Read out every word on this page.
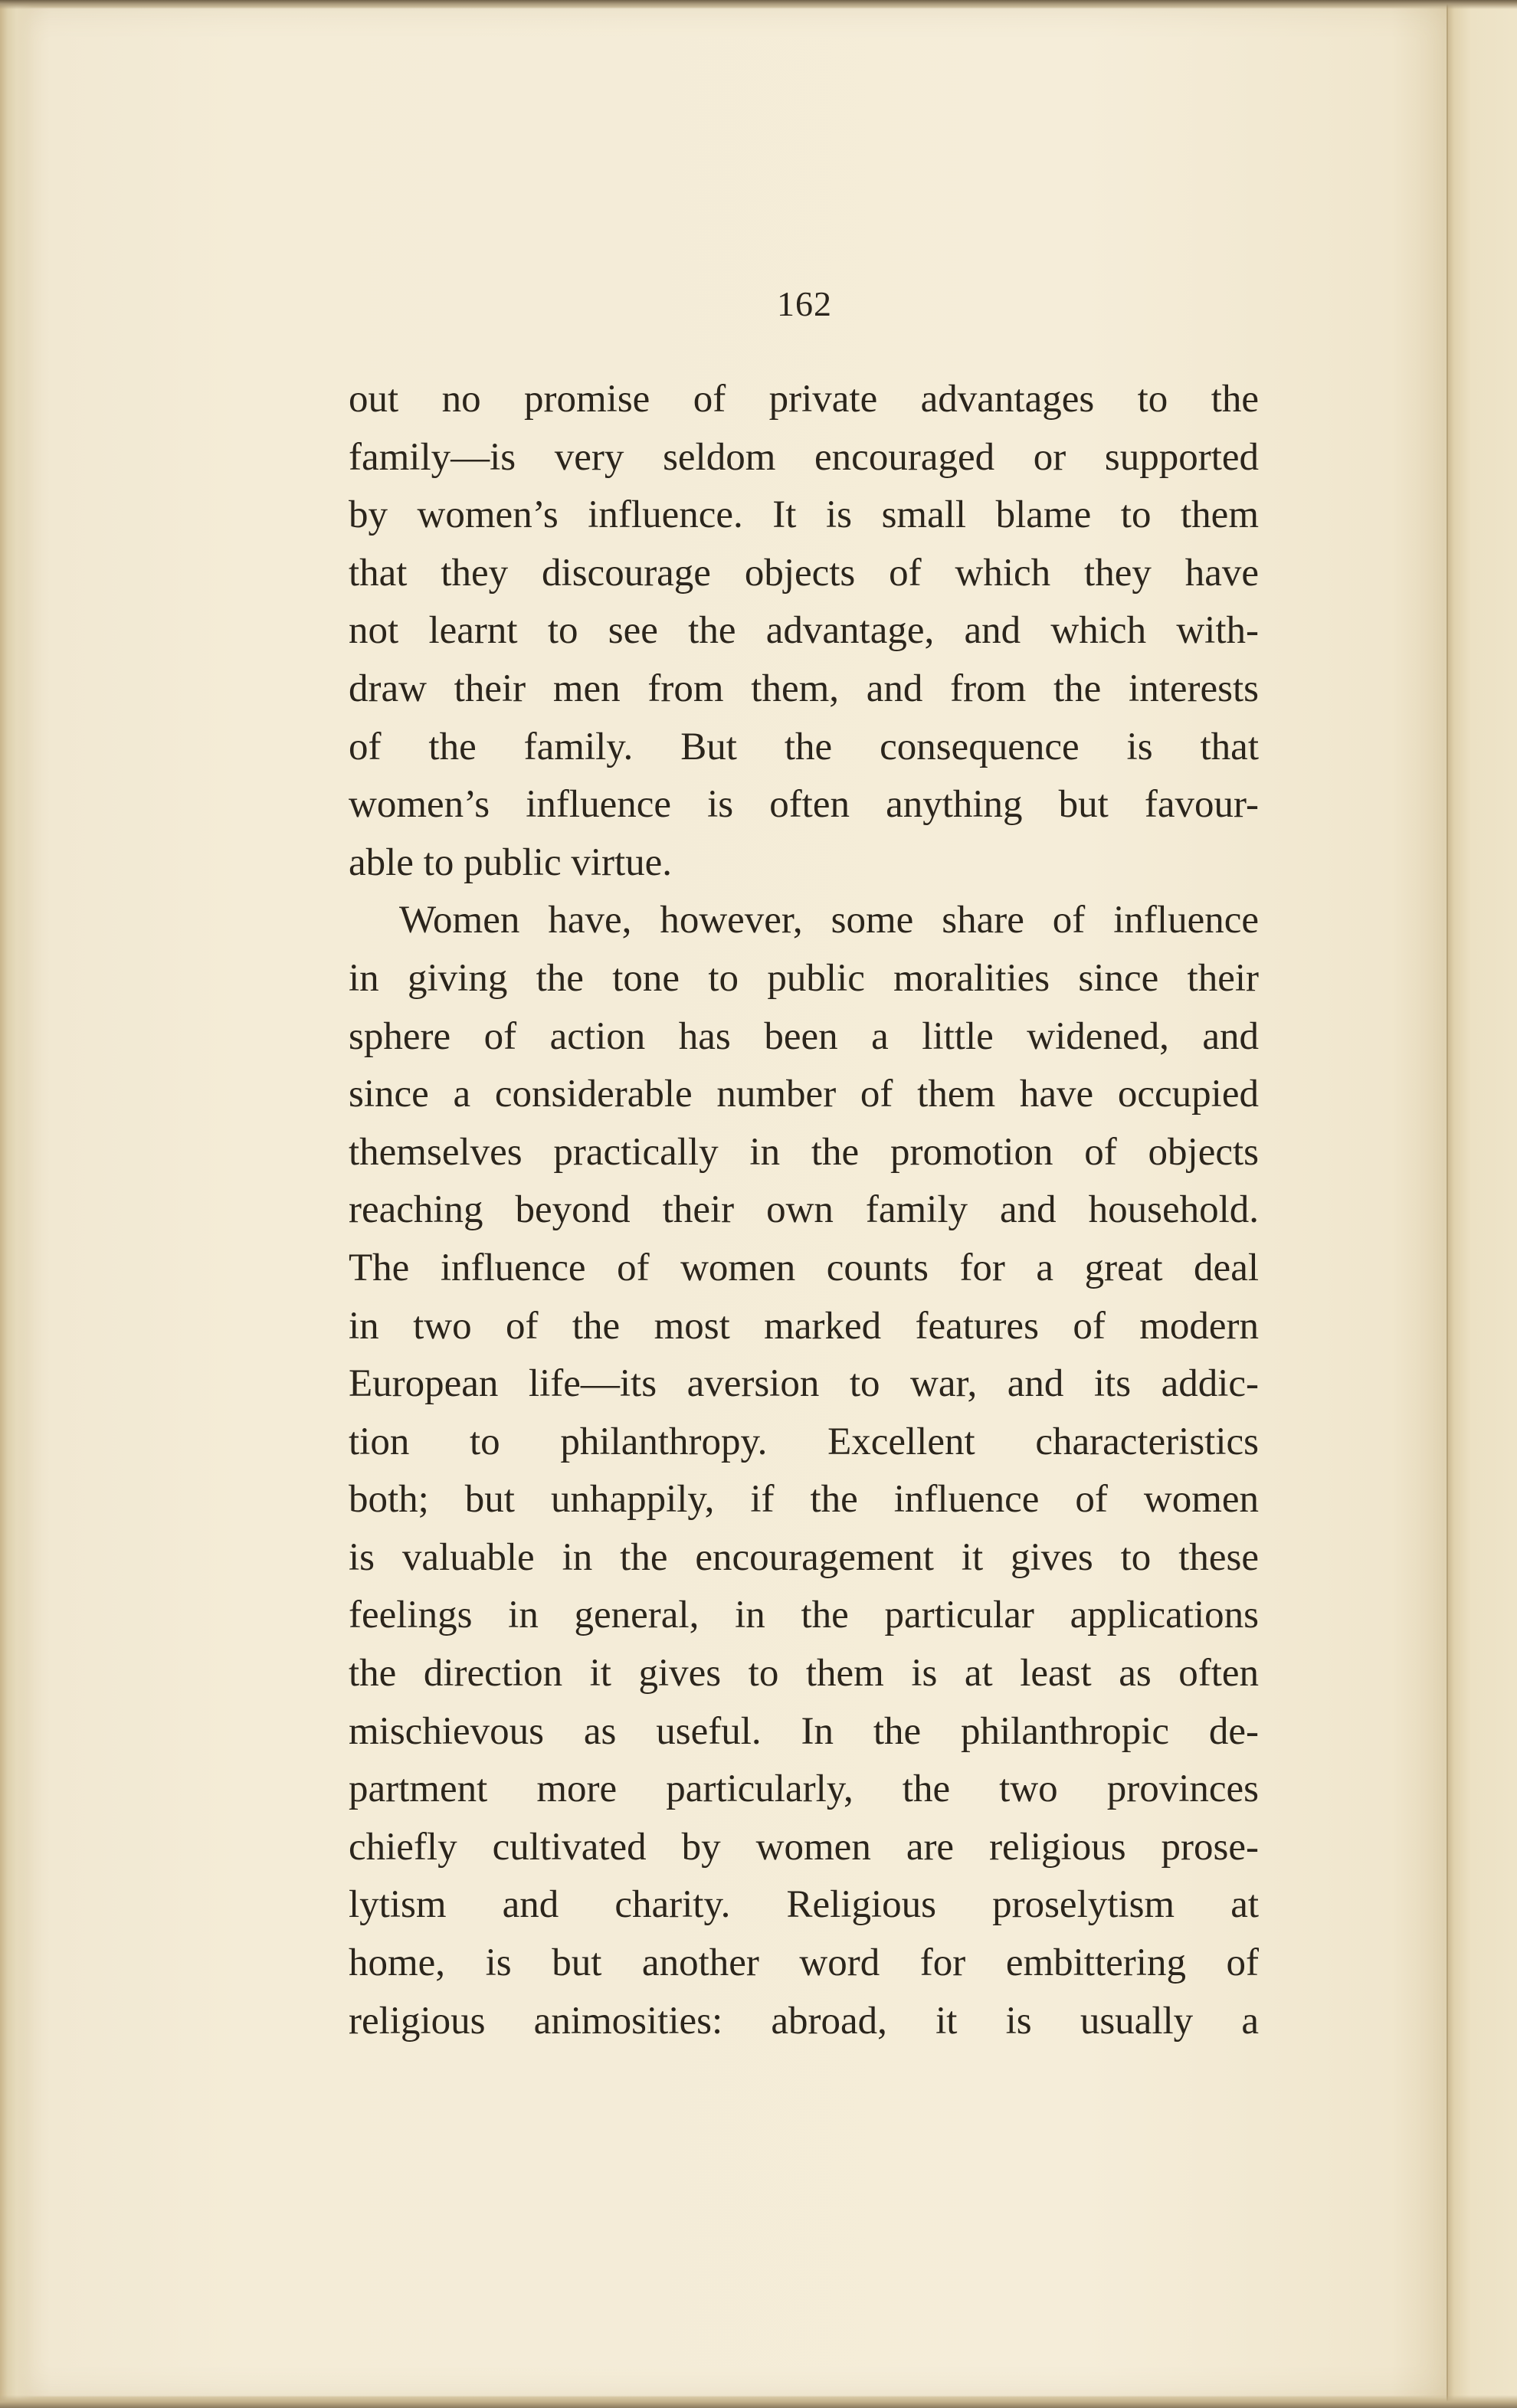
162
out no promise of private advantages to the
family—is very seldom encouraged or supported
by women’s influence. It is small blame to them
that they discourage objects of which they have
not learnt to see the advantage, and which with-
draw their men from them, and from the interests
of the family. But the consequence is that
women’s influence is often anything but favour-
able to public virtue.
Women have, however, some share of influence
in giving the tone to public moralities since their
sphere of action has been a little widened, and
since a considerable number of them have occupied
themselves practically in the promotion of objects
reaching beyond their own family and household.
The influence of women counts for a great deal
in two of the most marked features of modern
European life—its aversion to war, and its addic-
tion to philanthropy. Excellent characteristics
both; but unhappily, if the influence of women
is valuable in the encouragement it gives to these
feelings in general, in the particular applications
the direction it gives to them is at least as often
mischievous as useful. In the philanthropic de-
partment more particularly, the two provinces
chiefly cultivated by women are religious prose-
lytism and charity. Religious proselytism at
home, is but another word for embittering of
religious animosities: abroad, it is usually a
